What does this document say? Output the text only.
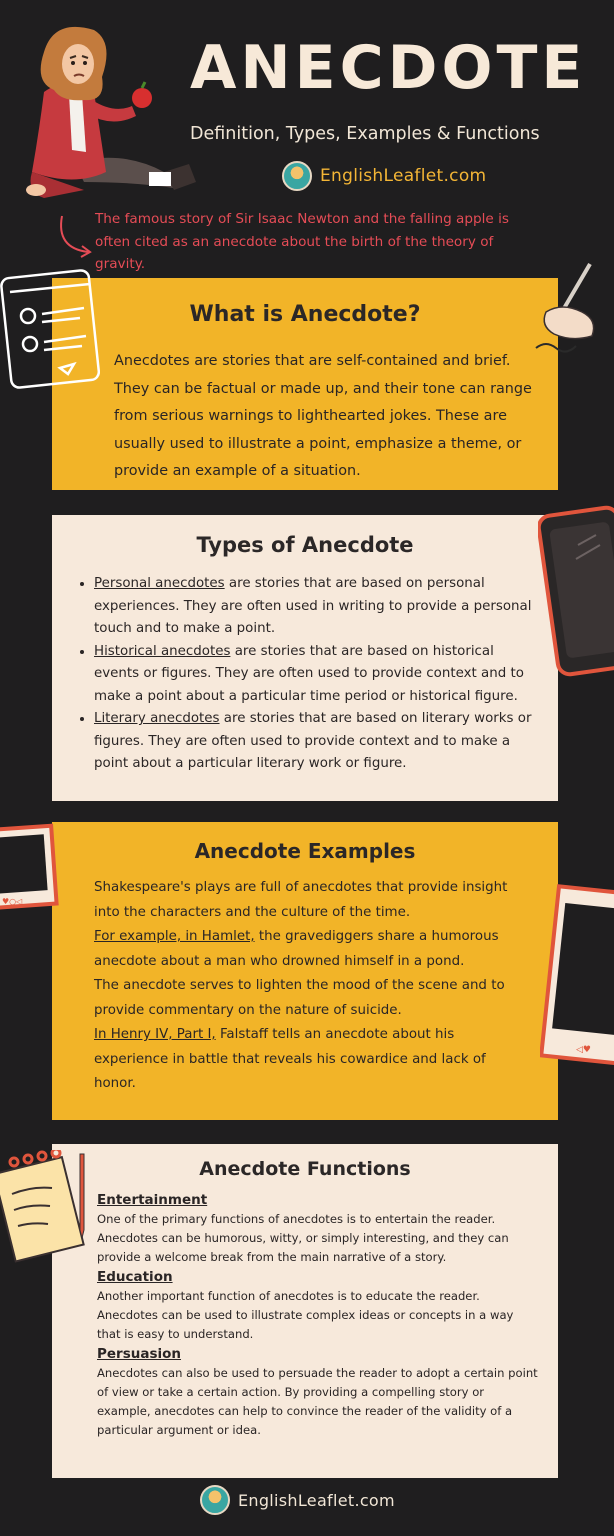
ANECDOTE
Definition, Types, Examples & Functions
EnglishLeaflet.com
The famous story of Sir Isaac Newton and the falling apple is often cited as an anecdote about the birth of the theory of gravity.
What is Anecdote?

Anecdotes are stories that are self-contained and brief. They can be factual or made up, and their tone can range from serious warnings to lighthearted jokes. These are usually used to illustrate a point, emphasize a theme, or provide an example of a situation.

Types of Anecdote
• Personal anecdotes are stories that are based on personal experiences. They are often used in writing to provide a personal touch and to make a point.
• Historical anecdotes are stories that are based on historical events or figures. They are often used to provide context and to make a point about a particular time period or historical figure.
• Literary anecdotes are stories that are based on literary works or figures. They are often used to provide context and to make a point about a particular literary work or figure.
Anecdote Examples

Shakespeare's plays are full of anecdotes that provide insight into the characters and the culture of the time.
For example, in Hamlet, the gravediggers share a humorous anecdote about a man who drowned himself in a pond.
The anecdote serves to lighten the mood of the scene and to provide commentary on the nature of suicide.
In Henry IV, Part I, Falstaff tells an anecdote about his experience in battle that reveals his cowardice and lack of honor.

♥○◁
◁♥
Anecdote Functions
Entertainment

One of the primary functions of anecdotes is to entertain the reader. Anecdotes can be humorous, witty, or simply interesting, and they can provide a welcome break from the main narrative of a story.

Education

Another important function of anecdotes is to educate the reader. Anecdotes can be used to illustrate complex ideas or concepts in a way that is easy to understand.

Persuasion

Anecdotes can also be used to persuade the reader to adopt a certain point of view or take a certain action. By providing a compelling story or example, anecdotes can help to convince the reader of the validity of a particular argument or idea.

EnglishLeaflet.com
